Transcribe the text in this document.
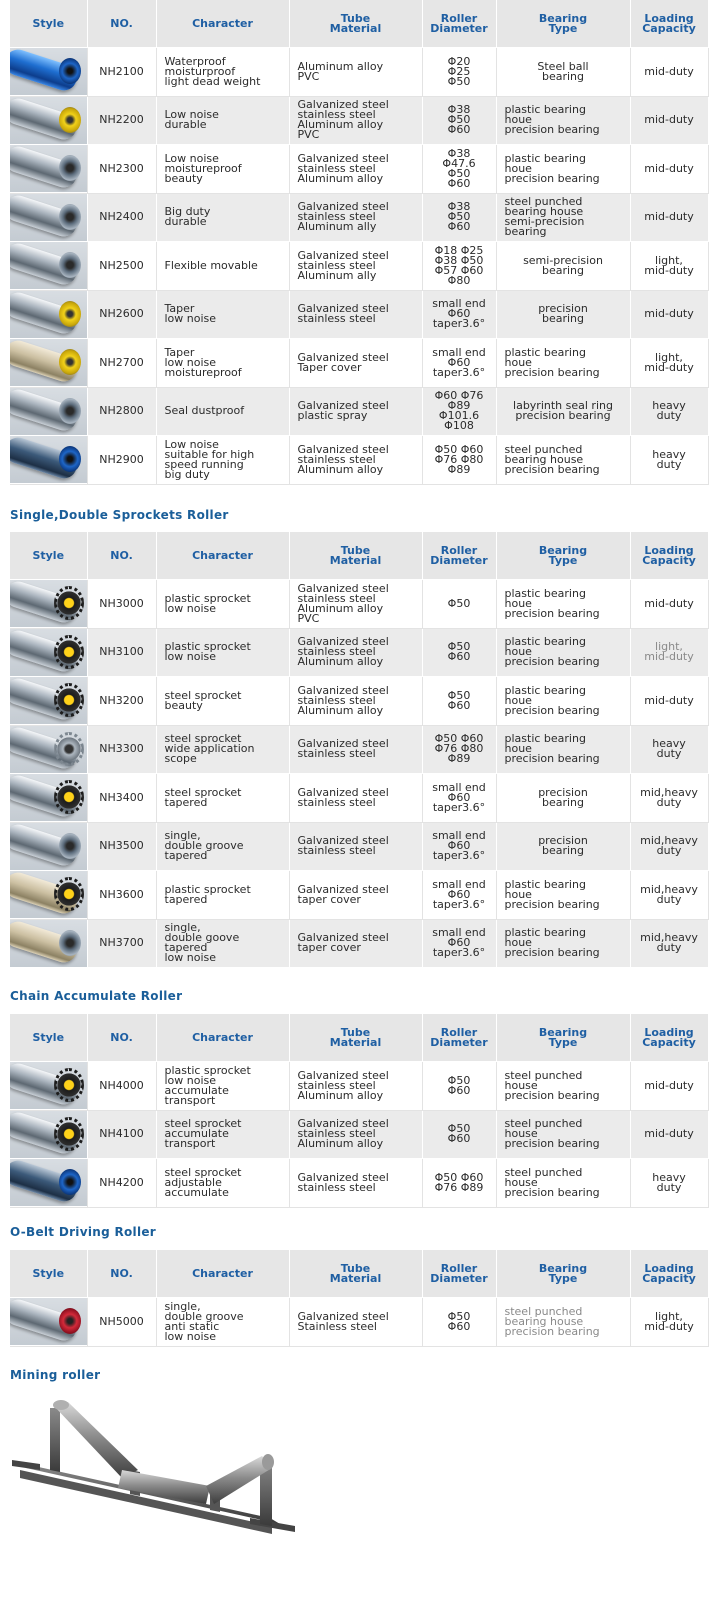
Style	NO.	Character	Tube
Material	Roller
Diameter	Bearing
Type	Loading
Capacity

	NH2100	Waterproof
moisturproof
light dead weight	Aluminum alloy
PVC	Φ20
Φ25
Φ50	Steel ball
bearing	mid-duty

	NH2200	Low noise
durable	Galvanized steel
stainless steel
Aluminum alloy
PVC	Φ38
Φ50
Φ60	plastic bearing
houe
precision bearing	mid-duty

	NH2300	Low noise
moistureproof
beauty	Galvanized steel
stainless steel
Aluminum alloy	Φ38
Φ47.6
Φ50
Φ60	plastic bearing
houe
precision bearing	mid-duty

	NH2400	Big duty
durable	Galvanized steel
stainless steel
Aluminum ally	Φ38
Φ50
Φ60	steel punched
bearing house
semi-precision
bearing	mid-duty

	NH2500	Flexible movable	Galvanized steel
stainless steel
Aluminum ally	Φ18 Φ25
Φ38 Φ50
Φ57 Φ60
Φ80	semi-precision
bearing	light,
mid-duty

	NH2600	Taper
low noise	Galvanized steel
stainless steel	small end
Φ60
taper3.6°	precision
bearing	mid-duty

	NH2700	Taper
low noise
moistureproof	Galvanized steel
Taper cover	small end
Φ60
taper3.6°	plastic bearing
houe
precision bearing	light,
mid-duty

	NH2800	Seal dustproof	Galvanized steel
plastic spray	Φ60 Φ76
Φ89
Φ101.6
Φ108	labyrinth seal ring
precision bearing	heavy
duty

	NH2900	Low noise
suitable for high
speed running
big duty	Galvanized steel
stainless steel
Aluminum alloy	Φ50 Φ60
Φ76 Φ80
Φ89	steel punched
bearing house
precision bearing	heavy
duty
Single,Double Sprockets Roller
Style	NO.	Character	Tube
Material	Roller
Diameter	Bearing
Type	Loading
Capacity

	NH3000	plastic sprocket
low noise	Galvanized steel
stainless steel
Aluminum alloy
PVC	Φ50	plastic bearing
houe
precision bearing	mid-duty

	NH3100	plastic sprocket
low noise	Galvanized steel
stainless steel
Aluminum alloy	Φ50
Φ60	plastic bearing
houe
precision bearing	light,
mid-duty

	NH3200	steel sprocket
beauty	Galvanized steel
stainless steel
Aluminum alloy	Φ50
Φ60	plastic bearing
houe
precision bearing	mid-duty

	NH3300	steel sprocket
wide application
scope	Galvanized steel
stainless steel	Φ50 Φ60
Φ76 Φ80
Φ89	plastic bearing
houe
precision bearing	heavy
duty

	NH3400	steel sprocket
tapered	Galvanized steel
stainless steel	small end
Φ60
taper3.6°	precision
bearing	mid,heavy
duty

	NH3500	single,
double groove
tapered	Galvanized steel
stainless steel	small end
Φ60
taper3.6°	precision
bearing	mid,heavy
duty

	NH3600	plastic sprocket
tapered	Galvanized steel
taper cover	small end
Φ60
taper3.6°	plastic bearing
houe
precision bearing	mid,heavy
duty

	NH3700	single,
double goove
tapered
low noise	Galvanized steel
taper cover	small end
Φ60
taper3.6°	plastic bearing
houe
precision bearing	mid,heavy
duty
Chain Accumulate Roller
Style	NO.	Character	Tube
Material	Roller
Diameter	Bearing
Type	Loading
Capacity

	NH4000	plastic sprocket
low noise
accumulate
transport	Galvanized steel
stainless steel
Aluminum alloy	Φ50
Φ60	steel punched
house
precision bearing	mid-duty

	NH4100	steel sprocket
accumulate
transport	Galvanized steel
stainless steel
Aluminum alloy	Φ50
Φ60	steel punched
house
precision bearing	mid-duty

	NH4200	steel sprocket
adjustable
accumulate	Galvanized steel
stainless steel	Φ50 Φ60
Φ76 Φ89	steel punched
house
precision bearing	heavy
duty
O-Belt Driving Roller
Style	NO.	Character	Tube
Material	Roller
Diameter	Bearing
Type	Loading
Capacity

	NH5000	single,
double groove
anti static
low noise	Galvanized steel
Stainless steel	Φ50
Φ60	steel punched
bearing house
precision bearing	light,
mid-duty
Mining roller
